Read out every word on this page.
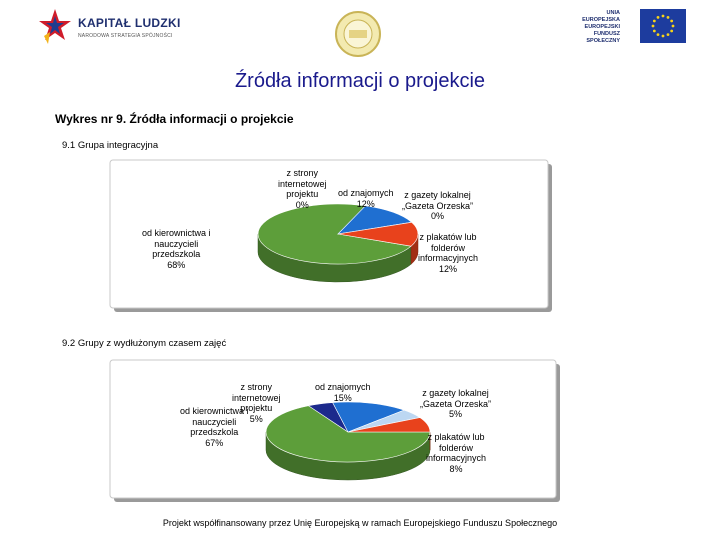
KAPITAŁ LUDZKI
NARODOWA STRATEGIA SPÓJNOŚCI
UNIA EUROPEJSKA
EUROPEJSKI
FUNDUSZ SPOŁECZNY
Źródła informacji o projekcie
Wykres nr 9. Źródła informacji o projekcie
9.1 Grupa integracyjna
od kierownictwa i
nauczycieli
przedszkola
68%
z strony
internetowej
projektu
0%
od znajomych
12%
z gazety lokalnej
„Gazeta Orzeska”
0%
z plakatów lub
folderów
informacyjnych
12%
9.2 Grupy z wydłużonym czasem zajęć
od kierownictwa i
nauczycieli
przedszkola
67%
z strony
internetowej
projektu
5%
od znajomych
15%	z gazety lokalnej
„Gazeta Orzeska”
5%
z plakatów lub
folderów
informacyjnych
8%
Projekt współfinansowany przez Unię Europejską w ramach Europejskiego Funduszu Społecznego
